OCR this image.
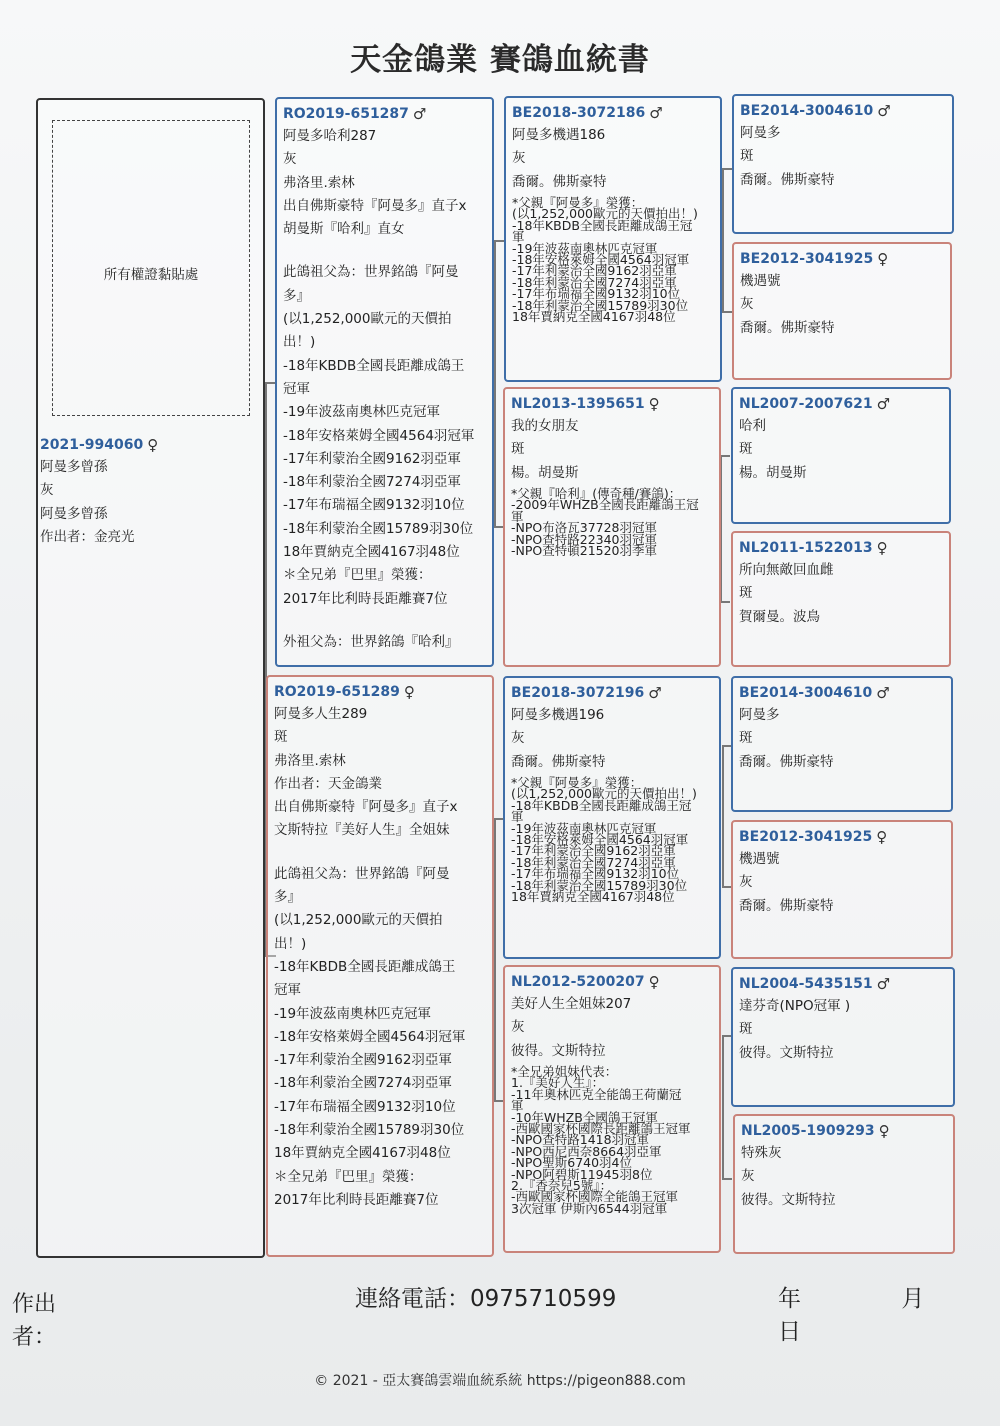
天金鴿業 賽鴿血統書
所有權證黏貼處
2021-994060 ♀
阿曼多曾孫
灰
阿曼多曾孫
作出者：金亮光
RO2019-651287 ♂
阿曼多哈利287
灰
弗洛里.索林
出自佛斯豪特『阿曼多』直子x
胡曼斯『哈利』直女
此鴿祖父為：世界銘鴿『阿曼
多』
(以1,252,000歐元的天價拍
出！)
-18年KBDB全國長距離成鴿王
冠軍
-19年波茲南奧林匹克冠軍
-18年安格萊姆全國4564羽冠軍
-17年利蒙治全國9162羽亞軍
-18年利蒙治全國7274羽亞軍
-17年布瑞福全國9132羽10位
-18年利蒙治全國15789羽30位
18年賈納克全國4167羽48位
＊全兄弟『巴里』榮獲：
2017年比利時長距離賽7位
外祖父為：世界銘鴿『哈利』
RO2019-651289 ♀
阿曼多人生289
斑
弗洛里.索林
作出者：天金鴿業
出自佛斯豪特『阿曼多』直子x
文斯特拉『美好人生』全姐妹
此鴿祖父為：世界銘鴿『阿曼
多』
(以1,252,000歐元的天價拍
出！)
-18年KBDB全國長距離成鴿王
冠軍
-19年波茲南奧林匹克冠軍
-18年安格萊姆全國4564羽冠軍
-17年利蒙治全國9162羽亞軍
-18年利蒙治全國7274羽亞軍
-17年布瑞福全國9132羽10位
-18年利蒙治全國15789羽30位
18年賈納克全國4167羽48位
＊全兄弟『巴里』榮獲：
2017年比利時長距離賽7位
BE2018-3072186 ♂
阿曼多機遇186
灰
喬爾。佛斯豪特
*父親『阿曼多』榮獲：
(以1,252,000歐元的天價拍出！)
-18年KBDB全國長距離成鴿王冠
軍
-19年波茲南奧林匹克冠軍
-18年安格萊姆全國4564羽冠軍
-17年利蒙治全國9162羽亞軍
-18年利蒙治全國7274羽亞軍
-17年布瑞福全國9132羽10位
-18年利蒙治全國15789羽30位
18年賈納克全國4167羽48位
NL2013-1395651 ♀
我的女朋友
斑
楊。胡曼斯
*父親『哈利』(傳奇種/賽鴿)：
-2009年WHZB全國長距離鴿王冠
軍
-NPO布洛瓦37728羽冠軍
-NPO查特路22340羽冠軍
-NPO查特頓21520羽季軍
BE2018-3072196 ♂
阿曼多機遇196
灰
喬爾。佛斯豪特
*父親『阿曼多』榮獲：
(以1,252,000歐元的天價拍出！)
-18年KBDB全國長距離成鴿王冠
軍
-19年波茲南奧林匹克冠軍
-18年安格萊姆全國4564羽冠軍
-17年利蒙治全國9162羽亞軍
-18年利蒙治全國7274羽亞軍
-17年布瑞福全國9132羽10位
-18年利蒙治全國15789羽30位
18年賈納克全國4167羽48位
NL2012-5200207 ♀
美好人生全姐妹207
灰
彼得。文斯特拉
*全兄弟姐妹代表：
1.『美好人生』：
-11年奧林匹克全能鴿王荷蘭冠
軍
-10年WHZB全國鴿王冠軍
-西歐國家杯國際長距離鴿王冠軍
-NPO查特路1418羽冠軍
-NPO西尼西奈8664羽亞軍
-NPO聖斯6740羽4位
-NPO阿碧斯11945羽8位
2.『香奈兒5號』：
-西歐國家杯國際全能鴿王冠軍
3次冠軍 伊斯內6544羽冠軍
BE2014-3004610 ♂
阿曼多
斑
喬爾。佛斯豪特
BE2012-3041925 ♀
機遇號
灰
喬爾。佛斯豪特
NL2007-2007621 ♂
哈利
斑
楊。胡曼斯
NL2011-1522013 ♀
所向無敵回血雌
斑
賀爾曼。波鳥
BE2014-3004610 ♂
阿曼多
斑
喬爾。佛斯豪特
BE2012-3041925 ♀
機遇號
灰
喬爾。佛斯豪特
NL2004-5435151 ♂
達芬奇(NPO冠軍 )
斑
彼得。文斯特拉
NL2005-1909293 ♀
特殊灰
灰
彼得。文斯特拉
作出者：
連絡電話：0975710599	年	月 日
© 2021 - 亞太賽鴿雲端血統系統 https://pigeon888.com
